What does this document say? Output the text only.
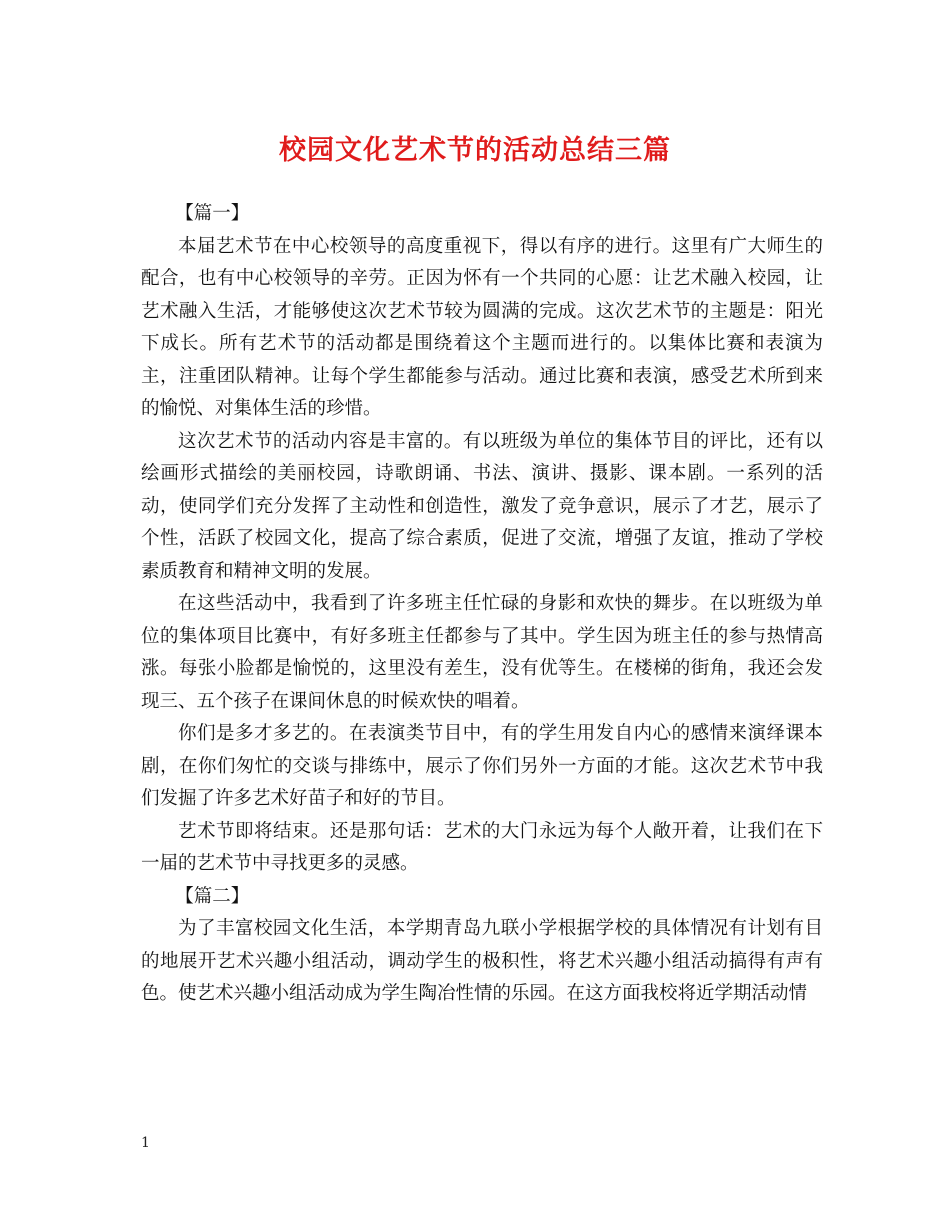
校园文化艺术节的活动总结三篇

【篇一】

本届艺术节在中心校领导的高度重视下，得以有序的进行。这里有广大师生的配合，也有中心校领导的辛劳。正因为怀有一个共同的心愿：让艺术融入校园，让艺术融入生活，才能够使这次艺术节较为圆满的完成。这次艺术节的主题是：阳光下成长。所有艺术节的活动都是围绕着这个主题而进行的。以集体比赛和表演为主，注重团队精神。让每个学生都能参与活动。通过比赛和表演，感受艺术所到来的愉悦、对集体生活的珍惜。

这次艺术节的活动内容是丰富的。有以班级为单位的集体节目的评比，还有以绘画形式描绘的美丽校园，诗歌朗诵、书法、演讲、摄影、课本剧。一系列的活动，使同学们充分发挥了主动性和创造性，激发了竞争意识，展示了才艺，展示了个性，活跃了校园文化，提高了综合素质，促进了交流，增强了友谊，推动了学校素质教育和精神文明的发展。

在这些活动中，我看到了许多班主任忙碌的身影和欢快的舞步。在以班级为单位的集体项目比赛中，有好多班主任都参与了其中。学生因为班主任的参与热情高涨。每张小脸都是愉悦的，这里没有差生，没有优等生。在楼梯的街角，我还会发现三、五个孩子在课间休息的时候欢快的唱着。

你们是多才多艺的。在表演类节目中，有的学生用发自内心的感情来演绎课本剧，在你们匆忙的交谈与排练中，展示了你们另外一方面的才能。这次艺术节中我们发掘了许多艺术好苗子和好的节目。

艺术节即将结束。还是那句话：艺术的大门永远为每个人敞开着，让我们在下一届的艺术节中寻找更多的灵感。

【篇二】

为了丰富校园文化生活，本学期青岛九联小学根据学校的具体情况有计划有目的地展开艺术兴趣小组活动，调动学生的极积性，将艺术兴趣小组活动搞得有声有色。使艺术兴趣小组活动成为学生陶冶性情的乐园。在这方面我校将近学期活动情

1
